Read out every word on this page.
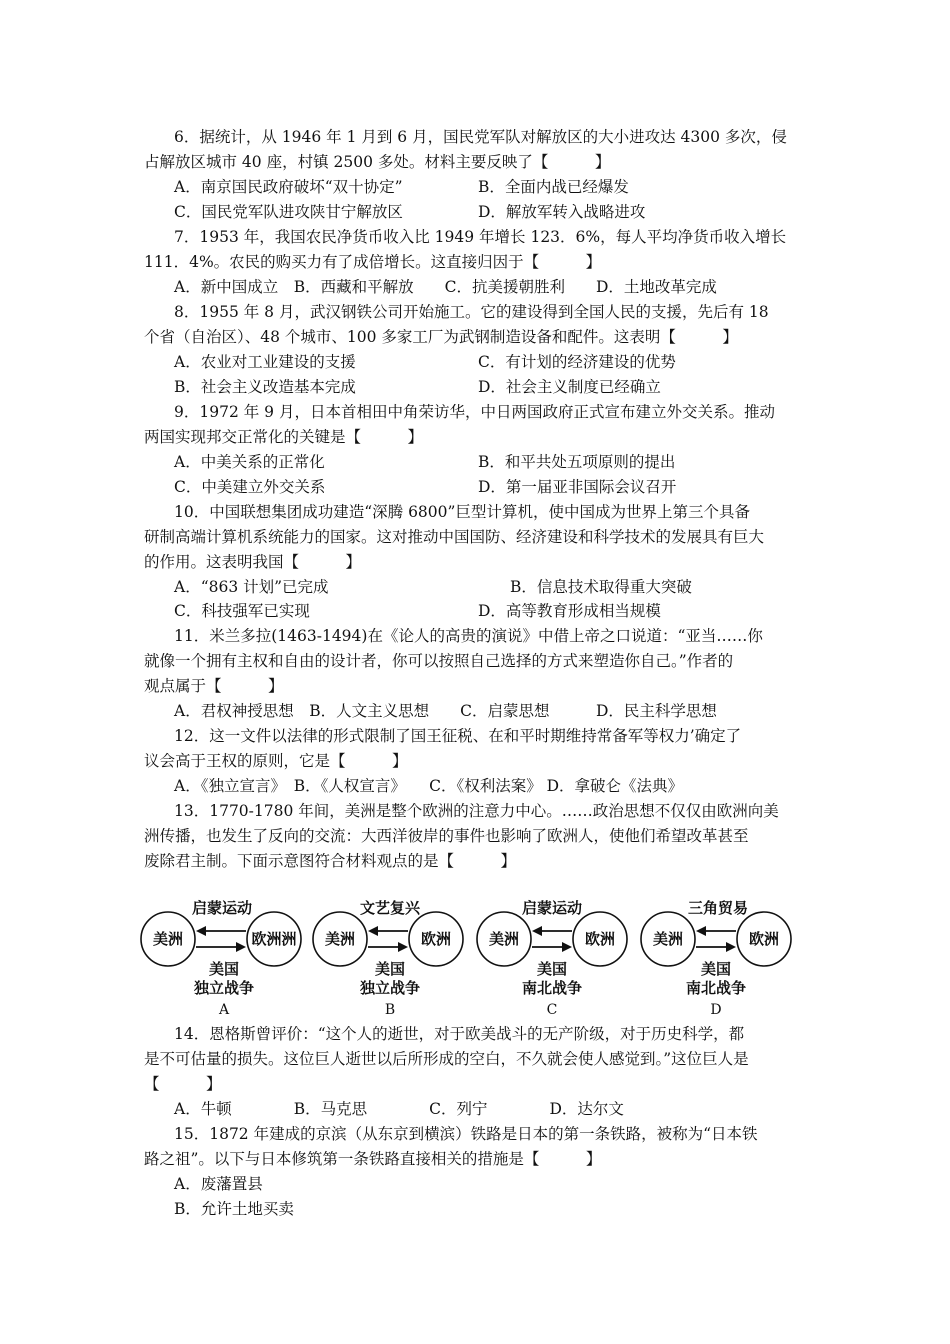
6．据统计，从 1946 年 1 月到 6 月，国民党军队对解放区的大小进攻达 4300 多次，侵
占解放区城市 40 座，村镇 2500 多处。材料主要反映了【　　　】
A．南京国民政府破坏“双十协定”	B．全面内战已经爆发
C．国民党军队进攻陕甘宁解放区	D．解放军转入战略进攻
7．1953 年，我国农民净货币收入比 1949 年增长 123．6%，每人平均净货币收入增长
111．4%。农民的购买力有了成倍增长。这直接归因于【　　　】
A．新中国成立　B．西藏和平解放　　C．抗美援朝胜利　　D．土地改革完成
8．1955 年 8 月，武汉钢铁公司开始施工。它的建设得到全国人民的支援，先后有 18
个省（自治区）、48 个城市、100 多家工厂为武钢制造设备和配件。这表明【　　　】
A．农业对工业建设的支援	C．有计划的经济建设的优势
B．社会主义改造基本完成	D．社会主义制度已经确立
9．1972 年 9 月，日本首相田中角荣访华，中日两国政府正式宣布建立外交关系。推动
两国实现邦交正常化的关键是【　　　】
A．中美关系的正常化	B．和平共处五项原则的提出
C．中美建立外交关系	D．第一届亚非国际会议召开
10．中国联想集团成功建造“深腾 6800”巨型计算机，使中国成为世界上第三个具备
研制高端计算机系统能力的国家。这对推动中国国防、经济建设和科学技术的发展具有巨大
的作用。这表明我国【　　　】
A．“863 计划”已完成	B．信息技术取得重大突破
C．科技强军已实现	D．高等教育形成相当规模
11．米兰多拉(1463-1494)在《论人的高贵的演说》中借上帝之口说道：“亚当……你
就像一个拥有主权和自由的设计者，你可以按照自己选择的方式来塑造你自己。”作者的
观点属于【　　　】
A．君权神授思想　B．人文主义思想　　C．启蒙思想　　　D．民主科学思想
12．这一文件以法律的形式限制了国王征税、在和平时期维持常备军等权力’确定了
议会高于王权的原则，它是【　　　】
A．《独立宣言》　B．《人权宣言》　　C．《权利法案》 D．拿破仑《法典》
13．1770-1780 年间，美洲是整个欧洲的注意力中心。……政治思想不仅仅由欧洲向美
洲传播，也发生了反向的交流：大西洋彼岸的事件也影响了欧洲人，使他们希望改革甚至
废除君主制。下面示意图符合材料观点的是【　　　】
启蒙运动
美洲	欧洲洲
美国
独立战争
A
文艺复兴
美洲	欧洲
美国
独立战争
B
启蒙运动
美洲	欧洲
美国
南北战争
C
三角贸易
美洲	欧洲
美国
南北战争
D
14．恩格斯曾评价：“这个人的逝世，对于欧美战斗的无产阶级，对于历史科学，都
是不可估量的损失。这位巨人逝世以后所形成的空白，不久就会使人感觉到。”这位巨人是
【　　　】
A．牛顿　　　　B．马克思　　　　C．列宁　　　　D．达尔文
15．1872 年建成的京滨（从东京到横滨）铁路是日本的第一条铁路，被称为“日本铁
路之祖”。以下与日本修筑第一条铁路直接相关的措施是【　　　】
A．废藩置县
B．允许土地买卖
